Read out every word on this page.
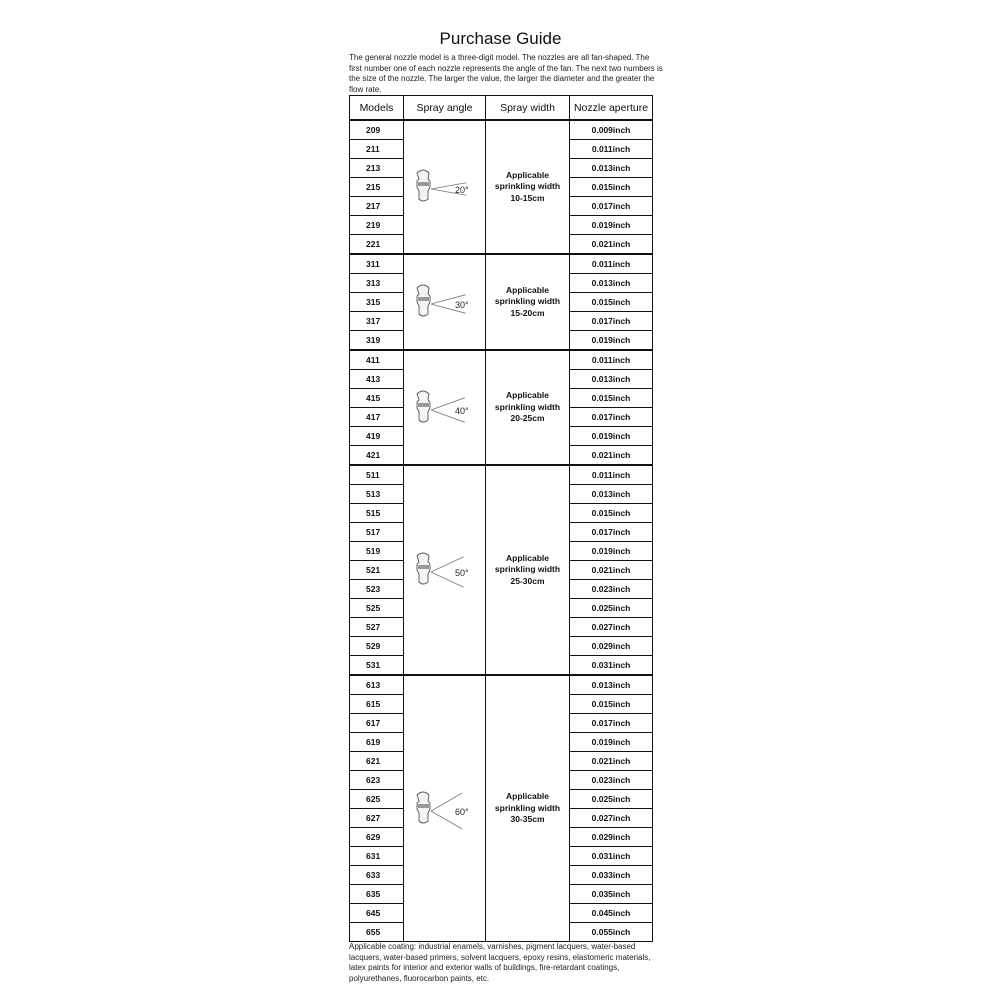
Purchase Guide
The general nozzle model is a three-digit model. The nozzles are all fan-shaped. The first number one of each nozzle represents the angle of the fan. The next two numbers is the size of the nozzle. The larger the value, the larger the diameter and the greater the flow rate.
Models	Spray angle	Spray width	Nozzle aperture
209	20°	Applicable
sprinkling width
10-15cm	0.009inch
211			0.011inch
213			0.013inch
215			0.015inch
217			0.017inch
219			0.019inch
221			0.021inch
311	30°	Applicable
sprinkling width
15-20cm	0.011inch
313			0.013inch
315			0.015inch
317			0.017inch
319			0.019inch
411	40°	Applicable
sprinkling width
20-25cm	0.011inch
413			0.013inch
415			0.015inch
417			0.017inch
419			0.019inch
421			0.021inch
511	50°	Applicable
sprinkling width
25-30cm	0.011inch
513			0.013inch
515			0.015inch
517			0.017inch
519			0.019inch
521			0.021inch
523			0.023inch
525			0.025inch
527			0.027inch
529			0.029inch
531			0.031inch
613	60°	Applicable
sprinkling width
30-35cm	0.013inch
615			0.015inch
617			0.017inch
619			0.019inch
621			0.021inch
623			0.023inch
625			0.025inch
627			0.027inch
629			0.029inch
631			0.031inch
633			0.033inch
635			0.035inch
645			0.045inch
655			0.055inch
Applicable coating: industrial enamels, varnishes, pigment lacquers, water-based lacquers, water-based primers, solvent lacquers, epoxy resins, elastomeric materials, latex paints for interior and exterior walls of buildings, fire-retardant coatings, polyurethanes, fluorocarbon paints, etc.
